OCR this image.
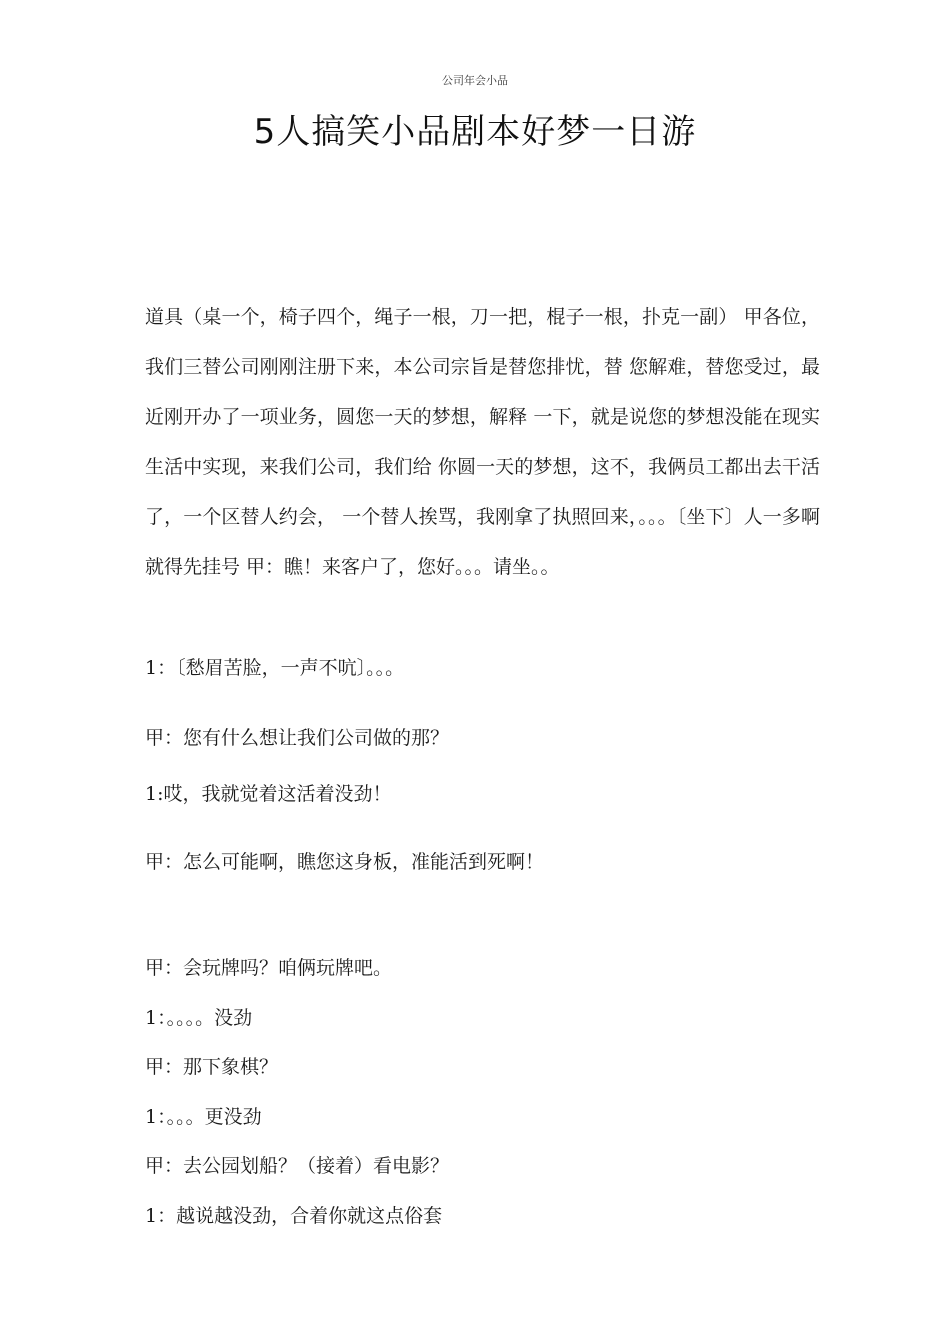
公司年会小品
5人搞笑小品剧本好梦一日游
道具（桌一个，椅子四个，绳子一根，刀一把，棍子一根，扑克一副） 甲各位，我们三替公司刚刚注册下来，本公司宗旨是替您排忧，替 您解难，替您受过，最近刚开办了一项业务，圆您一天的梦想，解释 一下，就是说您的梦想没能在现实生活中实现，来我们公司，我们给 你圆一天的梦想，这不，我俩员工都出去干活了，一个区替人约会， 一个替人挨骂，我刚拿了执照回来，。。。〔坐下〕人一多啊就得先挂号 甲：瞧！来客户了，您好。。。请坐。。
1：〔愁眉苦脸，一声不吭〕。。。
甲：您有什么想让我们公司做的那？
1:哎，我就觉着这活着没劲！
甲：怎么可能啊，瞧您这身板，准能活到死啊！
甲：会玩牌吗？咱俩玩牌吧。
1：。。。。没劲
甲：那下象棋？
1：。。。更没劲
甲：去公园划船？（接着）看电影？
1：越说越没劲，合着你就这点俗套
